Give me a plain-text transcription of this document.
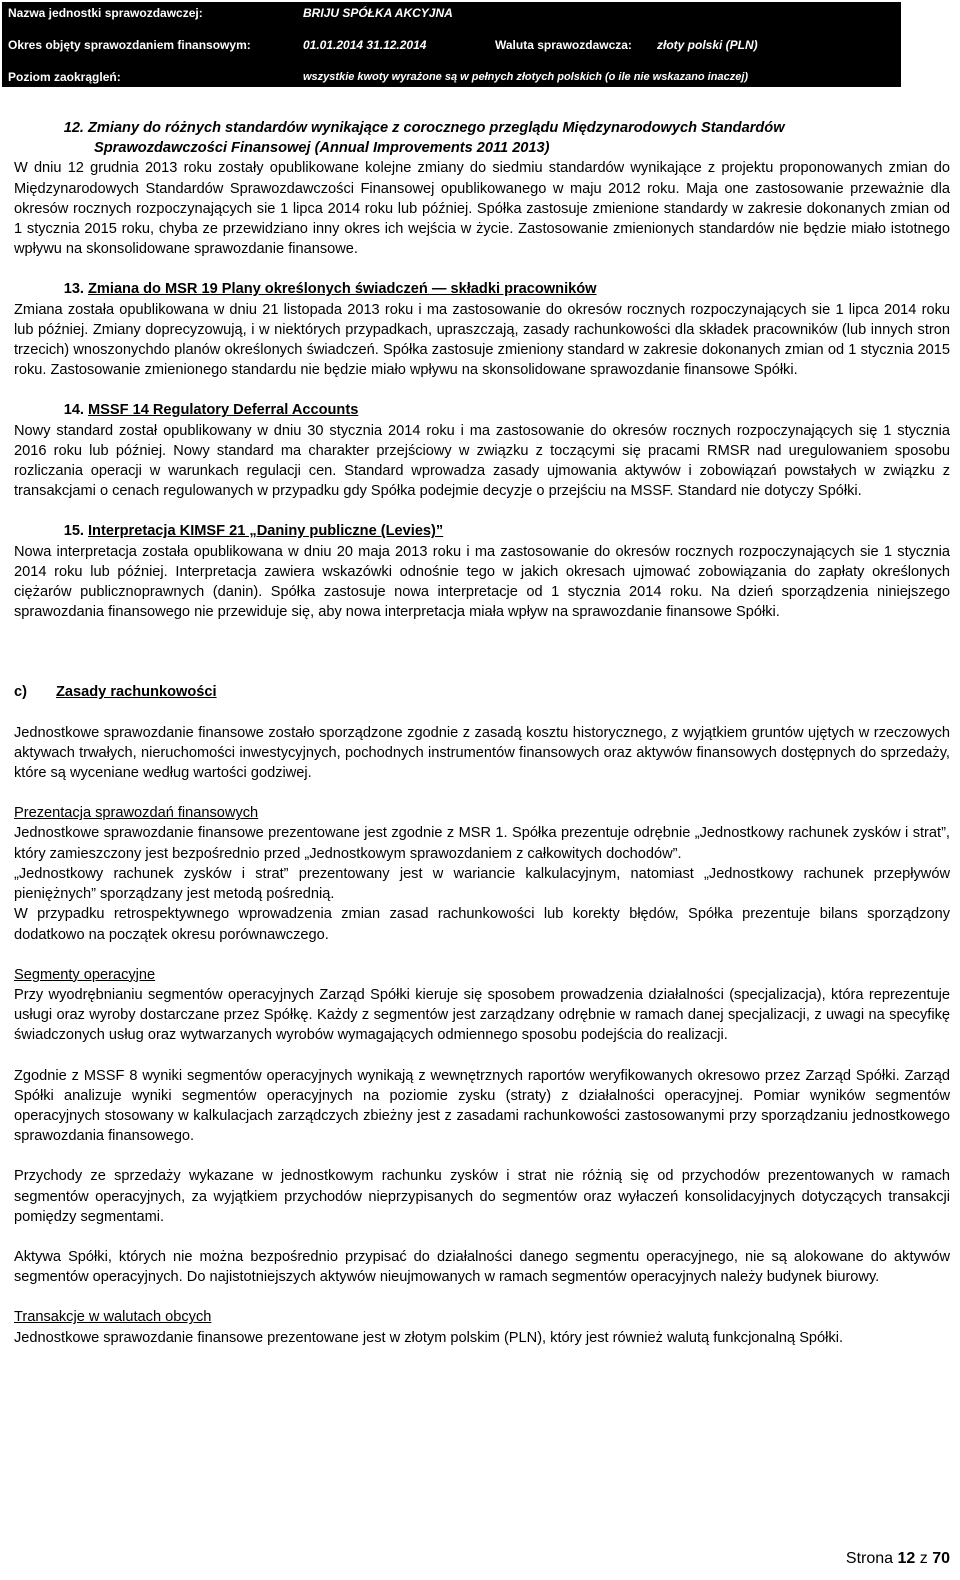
Nazwa jednostki sprawozdawczej:	BRIJU SPÓŁKA AKCYJNA		
Okres objęty sprawozdaniem finansowym:	01.01.2014 31.12.2014	Waluta sprawozdawcza:	złoty polski (PLN)
Poziom zaokrągleń:	wszystkie kwoty wyrażone są w pełnych złotych polskich (o ile nie wskazano inaczej)		

12. Zmiany do różnych standardów wynikające z corocznego przeglądu Międzynarodowych Standardów

Sprawozdawczości Finansowej (Annual Improvements 2011 2013)

W dniu 12 grudnia 2013 roku zostały opublikowane kolejne zmiany do siedmiu standardów wynikające z projektu proponowanych zmian do Międzynarodowych Standardów Sprawozdawczości Finansowej opublikowanego w maju 2012 roku. Maja one zastosowanie przeważnie dla okresów rocznych rozpoczynających sie 1 lipca 2014 roku lub później. Spółka zastosuje zmienione standardy w zakresie dokonanych zmian od 1 stycznia 2015 roku, chyba ze przewidziano inny okres ich wejścia w życie. Zastosowanie zmienionych standardów nie będzie miało istotnego wpływu na skonsolidowane sprawozdanie finansowe.

13. Zmiana do MSR 19 Plany określonych świadczeń — składki pracowników

Zmiana została opublikowana w dniu 21 listopada 2013 roku i ma zastosowanie do okresów rocznych rozpoczynających sie 1 lipca 2014 roku lub później. Zmiany doprecyzowują, i w niektórych przypadkach, upraszczają, zasady rachunkowości dla składek pracowników (lub innych stron trzecich) wnoszonychdo planów określonych świadczeń. Spółka zastosuje zmieniony standard w zakresie dokonanych zmian od 1 stycznia 2015 roku. Zastosowanie zmienionego standardu nie będzie miało wpływu na skonsolidowane sprawozdanie finansowe Spółki.

14. MSSF 14 Regulatory Deferral Accounts

Nowy standard został opublikowany w dniu 30 stycznia 2014 roku i ma zastosowanie do okresów rocznych rozpoczynających się 1 stycznia 2016 roku lub później. Nowy standard ma charakter przejściowy w związku z toczącymi się pracami RMSR nad uregulowaniem sposobu rozliczania operacji w warunkach regulacji cen. Standard wprowadza zasady ujmowania aktywów i zobowiązań powstałych w związku z transakcjami o cenach regulowanych w przypadku gdy Spółka podejmie decyzje o przejściu na MSSF. Standard nie dotyczy Spółki.

15. Interpretacja KIMSF 21 „Daniny publiczne (Levies)”

Nowa interpretacja została opublikowana w dniu 20 maja 2013 roku i ma zastosowanie do okresów rocznych rozpoczynających sie 1 stycznia 2014 roku lub później. Interpretacja zawiera wskazówki odnośnie tego w jakich okresach ujmować zobowiązania do zapłaty określonych ciężarów publicznoprawnych (danin). Spółka zastosuje nowa interpretacje od 1 stycznia 2014 roku. Na dzień sporządzenia niniejszego sprawozdania finansowego nie przewiduje się, aby nowa interpretacja miała wpływ na sprawozdanie finansowe Spółki.

c) Zasady rachunkowości

Jednostkowe sprawozdanie finansowe zostało sporządzone zgodnie z zasadą kosztu historycznego, z wyjątkiem gruntów ujętych w rzeczowych aktywach trwałych, nieruchomości inwestycyjnych, pochodnych instrumentów finansowych oraz aktywów finansowych dostępnych do sprzedaży, które są wyceniane według wartości godziwej.

Prezentacja sprawozdań finansowych

Jednostkowe sprawozdanie finansowe prezentowane jest zgodnie z MSR 1. Spółka prezentuje odrębnie „Jednostkowy rachunek zysków i strat”, który zamieszczony jest bezpośrednio przed „Jednostkowym sprawozdaniem z całkowitych dochodów”.

„Jednostkowy rachunek zysków i strat” prezentowany jest w wariancie kalkulacyjnym, natomiast „Jednostkowy rachunek przepływów pieniężnych” sporządzany jest metodą pośrednią.

W przypadku retrospektywnego wprowadzenia zmian zasad rachunkowości lub korekty błędów, Spółka prezentuje bilans sporządzony dodatkowo na początek okresu porównawczego.

Segmenty operacyjne

Przy wyodrębnianiu segmentów operacyjnych Zarząd Spółki kieruje się sposobem prowadzenia działalności (specjalizacja), która reprezentuje usługi oraz wyroby dostarczane przez Spółkę. Każdy z segmentów jest zarządzany odrębnie w ramach danej specjalizacji, z uwagi na specyfikę świadczonych usług oraz wytwarzanych wyrobów wymagających odmiennego sposobu podejścia do realizacji.

Zgodnie z MSSF 8 wyniki segmentów operacyjnych wynikają z wewnętrznych raportów weryfikowanych okresowo przez Zarząd Spółki. Zarząd Spółki analizuje wyniki segmentów operacyjnych na poziomie zysku (straty) z działalności operacyjnej. Pomiar wyników segmentów operacyjnych stosowany w kalkulacjach zarządczych zbieżny jest z zasadami rachunkowości zastosowanymi przy sporządzaniu jednostkowego sprawozdania finansowego.

Przychody ze sprzedaży wykazane w jednostkowym rachunku zysków i strat nie różnią się od przychodów prezentowanych w ramach segmentów operacyjnych, za wyjątkiem przychodów nieprzypisanych do segmentów oraz wyłaczeń konsolidacyjnych dotyczących transakcji pomiędzy segmentami.

Aktywa Spółki, których nie można bezpośrednio przypisać do działalności danego segmentu operacyjnego, nie są alokowane do aktywów segmentów operacyjnych. Do najistotniejszych aktywów nieujmowanych w ramach segmentów operacyjnych należy budynek biurowy.

Transakcje w walutach obcych

Jednostkowe sprawozdanie finansowe prezentowane jest w złotym polskim (PLN), który jest również walutą funkcjonalną Spółki.

Strona 12 z 70
